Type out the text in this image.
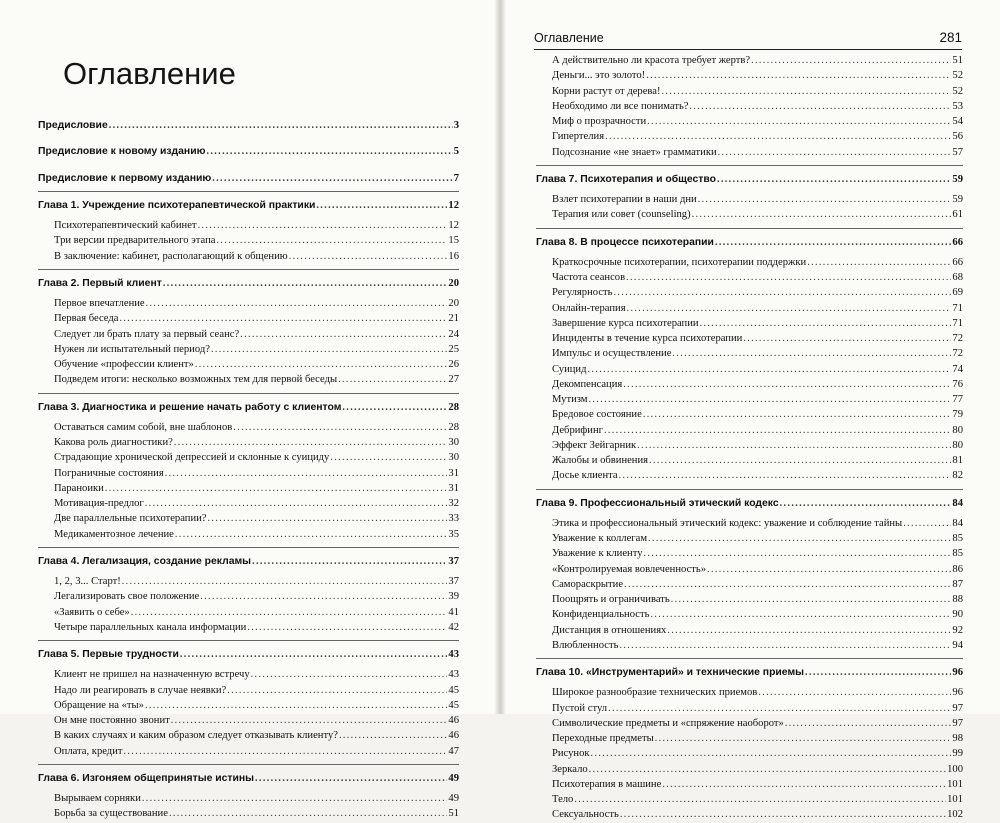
Оглавление
Предисловие .....	3
Предисловие к новому изданию .....	5
Предисловие к первому изданию .....	7
Глава 1. Учреждение психотерапевтической практики .....	12
Психотерапевтический кабинет .....	12
Три версии предварительного этапа .....	15
В заключение: кабинет, располагающий к общению .....	16
Глава 2. Первый клиент .....	20
Первое впечатление .....	20
Первая беседа .....	21
Следует ли брать плату за первый сеанс? .....	24
Нужен ли испытательный период? .....	25
Обучение «профессии клиент» .....	26
Подведем итоги: несколько возможных тем для первой беседы .....	27
Глава 3. Диагностика и решение начать работу с клиентом .....	28
Оставаться самим собой, вне шаблонов .....	28
Какова роль диагностики? .....	30
Страдающие хронической депрессией и склонные к суициду .....	30
Пограничные состояния .....	31
Параноики .....	31
Мотивация-предлог .....	32
Две параллельные психотерапии? .....	33
Медикаментозное лечение .....	35
Глава 4. Легализация, создание рекламы .....	37
1, 2, 3... Старт! .....	37
Легализировать свое положение .....	39
«Заявить о себе» .....	41
Четыре параллельных канала информации .....	42
Глава 5. Первые трудности .....	43
Клиент не пришел на назначенную встречу .....	43
Надо ли реагировать в случае неявки? .....	45
Обращение на «ты» .....	45
Он мне постоянно звонит .....	46
В каких случаях и каким образом следует отказывать клиенту? .....	46
Оплата, кредит .....	47
Глава 6. Изгоняем общепринятые истины .....	49
Вырываем сорняки .....	49
Борьба за существование .....	51
Оглавление	281
А действительно ли красота требует жертв? .....	51
Деньги... это золото! .....	52
Корни растут от дерева! .....	52
Необходимо ли все понимать? .....	53
Миф о прозрачности .....	54
Гипертелия .....	56
Подсознание «не знает» грамматики .....	57
Глава 7. Психотерапия и общество .....	59
Взлет психотерапии в наши дни .....	59
Терапия или совет (counseling) .....	61
Глава 8. В процессе психотерапии .....	66
Краткосрочные психотерапии, психотерапии поддержки .....	66
Частота сеансов .....	68
Регулярность .....	69
Онлайн-терапия .....	71
Завершение курса психотерапии .....	71
Инциденты в течение курса психотерапии .....	72
Импульс и осуществление .....	72
Суицид .....	74
Декомпенсация .....	76
Мутизм .....	77
Бредовое состояние .....	79
Дебрифинг .....	80
Эффект Зейгарник .....	80
Жалобы и обвинения .....	81
Досье клиента .....	82
Глава 9. Профессиональный этический кодекс .....	84
Этика и профессиональный этический кодекс: уважение и соблюдение тайны .....	84
Уважение к коллегам .....	85
Уважение к клиенту .....	85
«Контролируемая вовлеченность» .....	86
Самораскрытие .....	87
Поощрять и ограничивать .....	88
Конфиденциальность .....	90
Дистанция в отношениях .....	92
Влюбленность .....	94
Глава 10. «Инструментарий» и технические приемы .....	96
Широкое разнообразие технических приемов .....	96
Пустой стул .....	97
Символические предметы и «спряжение наоборот» .....	97
Переходные предметы .....	98
Рисунок .....	99
Зеркало .....	100
Психотерапия в машине .....	101
Тело .....	101
Сексуальность .....	102
